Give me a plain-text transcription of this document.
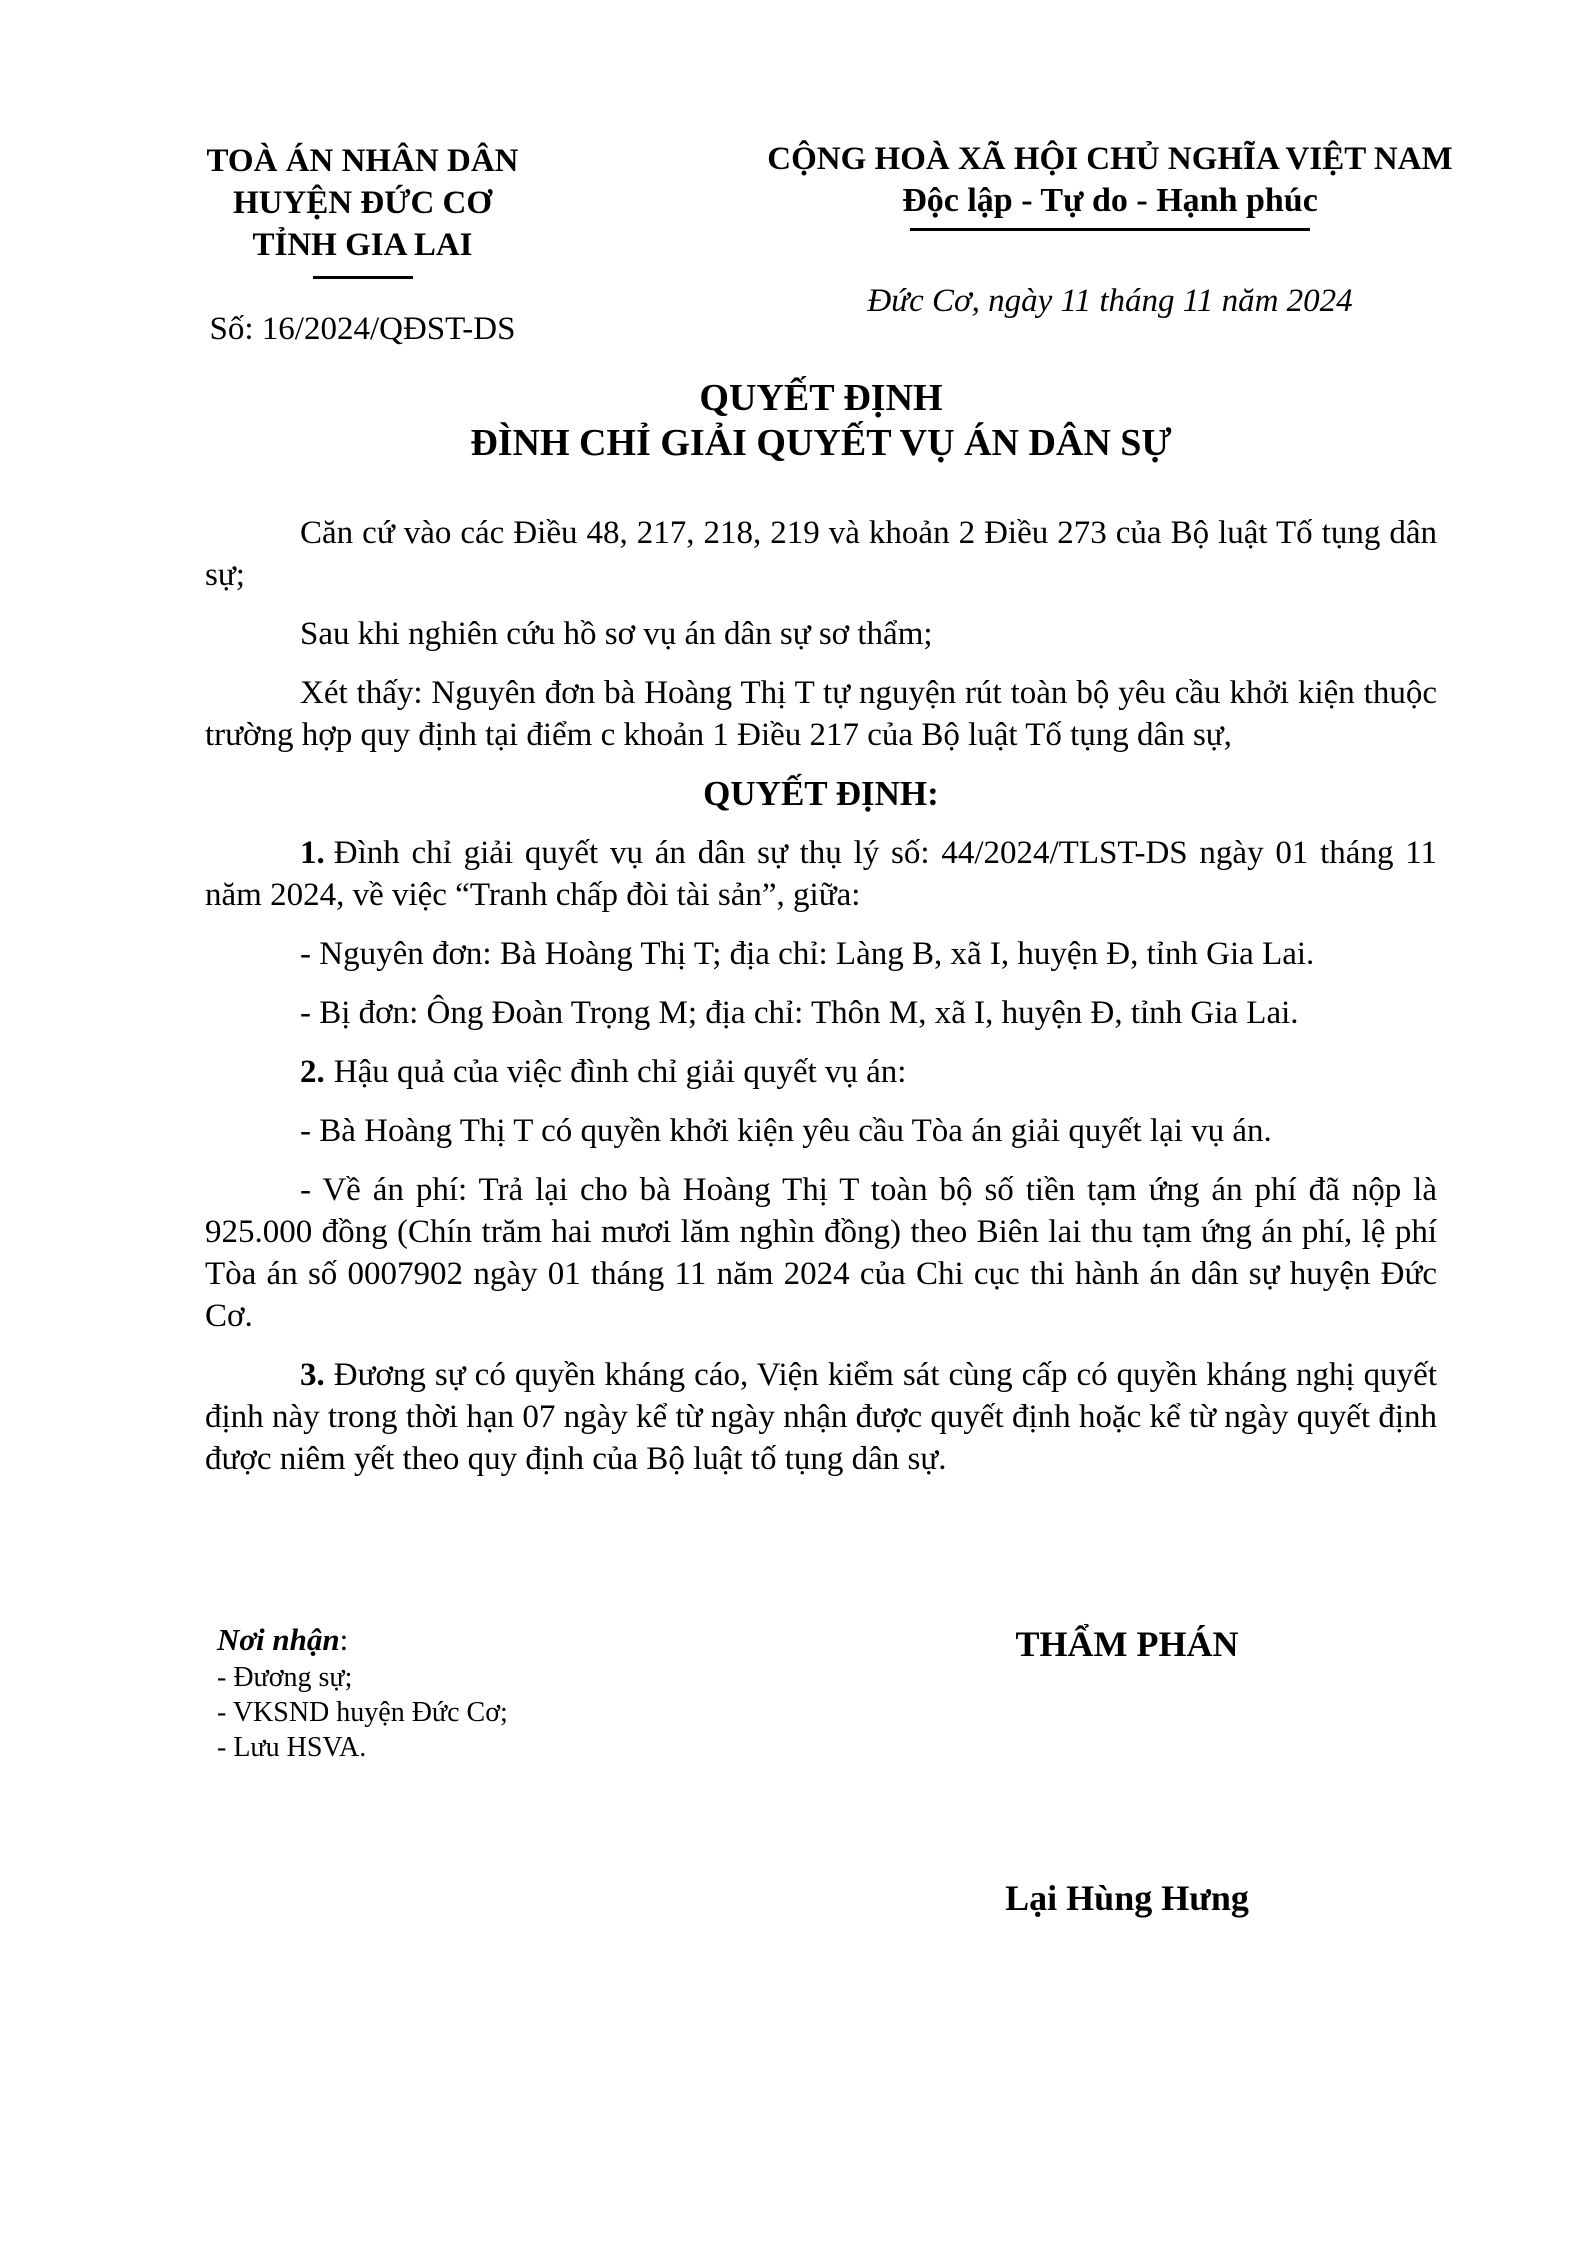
TOÀ ÁN NHÂN DÂN
HUYỆN ĐỨC CƠ
TỈNH GIA LAI
Số: 16/2024/QĐST-DS
CỘNG HOÀ XÃ HỘI CHỦ NGHĨA VIỆT NAM
Độc lập - Tự do - Hạnh phúc
Đức Cơ, ngày 11 tháng 11 năm 2024
QUYẾT ĐỊNH
ĐÌNH CHỈ GIẢI QUYẾT VỤ ÁN DÂN SỰ

Căn cứ vào các Điều 48, 217, 218, 219 và khoản 2 Điều 273 của Bộ luật Tố tụng dân sự;

Sau khi nghiên cứu hồ sơ vụ án dân sự sơ thẩm;

Xét thấy: Nguyên đơn bà Hoàng Thị T tự nguyện rút toàn bộ yêu cầu khởi kiện thuộc trường hợp quy định tại điểm c khoản 1 Điều 217 của Bộ luật Tố tụng dân sự,

QUYẾT ĐỊNH:

1. Đình chỉ giải quyết vụ án dân sự thụ lý số: 44/2024/TLST-DS ngày 01 tháng 11 năm 2024, về việc “Tranh chấp đòi tài sản”, giữa:

- Nguyên đơn: Bà Hoàng Thị T; địa chỉ: Làng B, xã I, huyện Đ, tỉnh Gia Lai.

- Bị đơn: Ông Đoàn Trọng M; địa chỉ: Thôn M, xã I, huyện Đ, tỉnh Gia Lai.

2. Hậu quả của việc đình chỉ giải quyết vụ án:

- Bà Hoàng Thị T có quyền khởi kiện yêu cầu Tòa án giải quyết lại vụ án.

- Về án phí: Trả lại cho bà Hoàng Thị T toàn bộ số tiền tạm ứng án phí đã nộp là 925.000 đồng (Chín trăm hai mươi lăm nghìn đồng) theo Biên lai thu tạm ứng án phí, lệ phí Tòa án số 0007902 ngày 01 tháng 11 năm 2024 của Chi cục thi hành án dân sự huyện Đức Cơ.

3. Đương sự có quyền kháng cáo, Viện kiểm sát cùng cấp có quyền kháng nghị quyết định này trong thời hạn 07 ngày kể từ ngày nhận được quyết định hoặc kể từ ngày quyết định được niêm yết theo quy định của Bộ luật tố tụng dân sự.

Nơi nhận:
- Đương sự;
- VKSND huyện Đức Cơ;
- Lưu HSVA.
THẨM PHÁN
Lại Hùng Hưng
